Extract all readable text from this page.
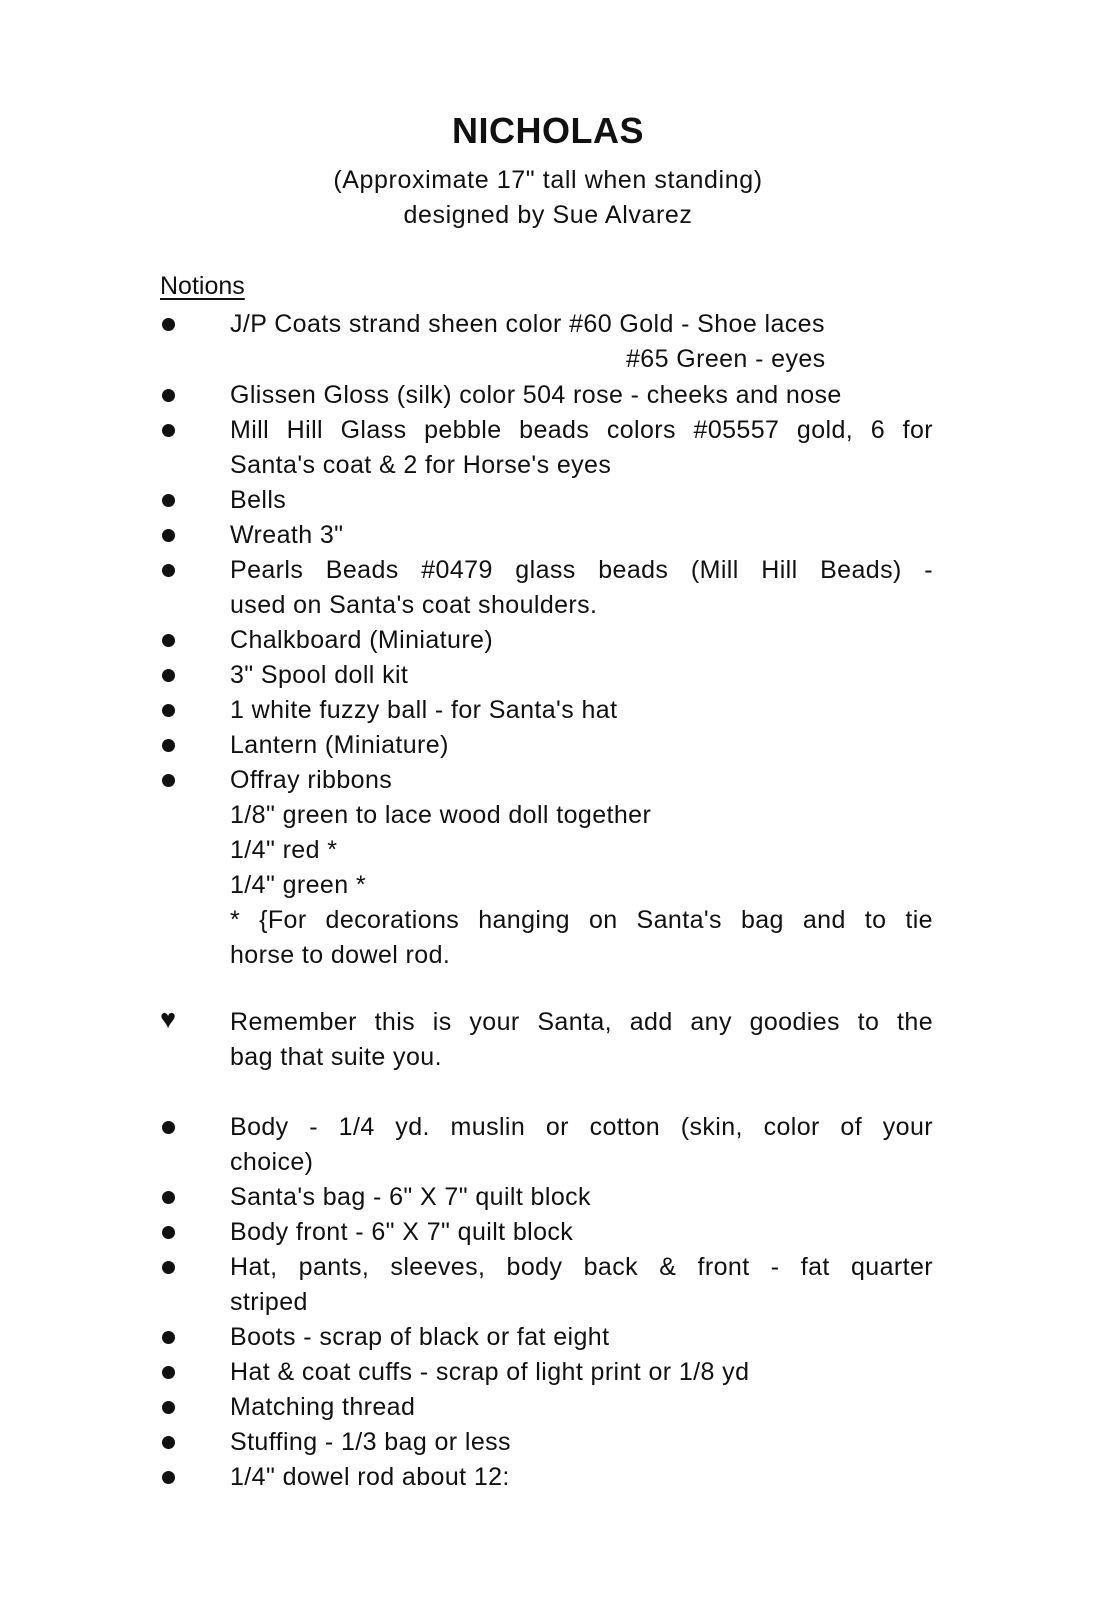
NICHOLAS
(Approximate 17" tall when standing)
designed by Sue Alvarez
Notions
J/P Coats strand sheen color #60 Gold - Shoe laces
#65 Green - eyes
Glissen Gloss (silk) color 504 rose - cheeks and nose
Mill Hill Glass pebble beads colors #05557 gold, 6 for
Santa's coat & 2 for Horse's eyes
Bells
Wreath 3"
Pearls Beads #0479 glass beads (Mill Hill Beads) -
used on Santa's coat shoulders.
Chalkboard (Miniature)
3" Spool doll kit
1 white fuzzy ball - for Santa's hat
Lantern (Miniature)
Offray ribbons
1/8" green to lace wood doll together
1/4" red *
1/4" green *
* {For decorations hanging on Santa's bag and to tie
horse to dowel rod.
♥ Remember this is your Santa, add any goodies to the
bag that suite you.
Body - 1/4 yd. muslin or cotton (skin, color of your
choice)
Santa's bag - 6" X 7" quilt block
Body front - 6" X 7" quilt block
Hat, pants, sleeves, body back & front - fat quarter
striped
Boots - scrap of black or fat eight
Hat & coat cuffs - scrap of light print or 1/8 yd
Matching thread
Stuffing - 1/3 bag or less
1/4" dowel rod about 12:
